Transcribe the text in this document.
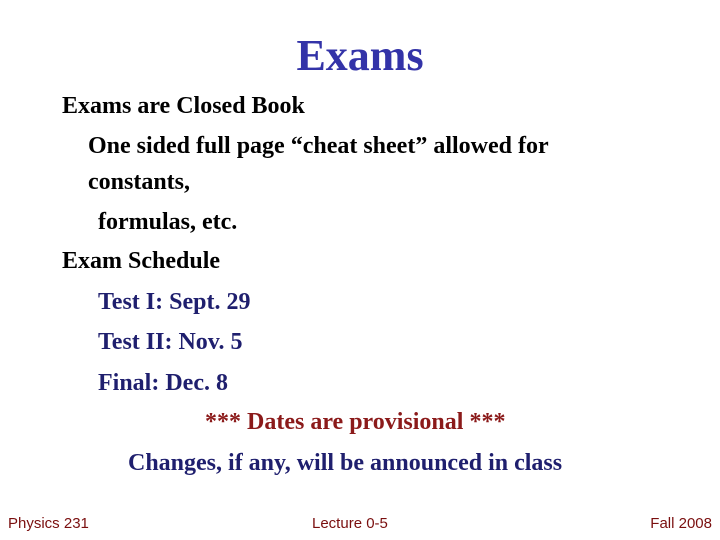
Exams
Exams are Closed Book
One sided full page “cheat sheet” allowed for
constants,
formulas, etc.
Exam Schedule
Test I: Sept. 29
Test II: Nov. 5
Final: Dec. 8
*** Dates are provisional ***
Changes, if any, will be announced in class
Physics 231	Lecture 0-5	Fall 2008
